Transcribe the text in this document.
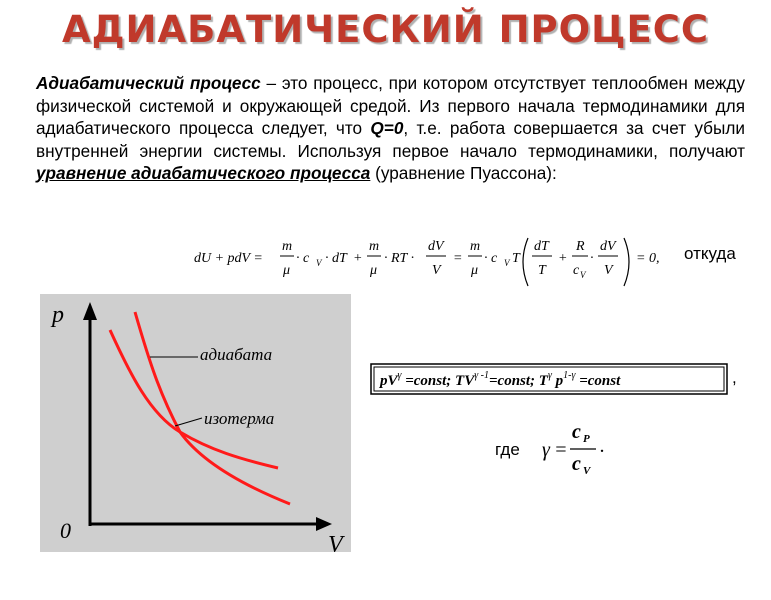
АДИАБАТИЧЕСКИЙ ПРОЦЕСС
Адиабатический процесс – это процесс, при котором отсутствует теплообмен между физической системой и окружающей средой. Из первого начала термодинамики для адиабатического процесса следует, что Q=0, т.е. работа совершается за счет убыли внутренней энергии системы. Используя первое начало термодинамики, получают уравнение адиабатического процесса (уравнение Пуассона):
dU + pdV =
m
μ
· c V · dT +
m
μ
· RT ·
dV
V
=
m
μ
· c V T
dT
T
+
R
c V
·
dV
V
= 0, откуда
p
V
0
адиабата
изотерма
$pV^\gamma$ =const; $TV^{\gamma -1}=const$; $T^\gamma$ $p^{1-\gamma}$ =const	,
где γ =
c P
c V
.
